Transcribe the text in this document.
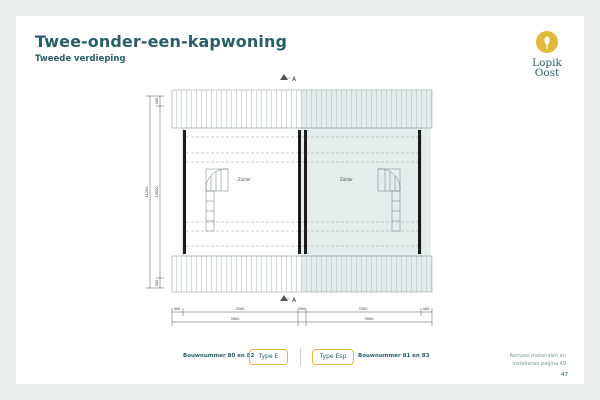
Twee-onder-een-kapwoning
Tweede verdieping	Lopik
Oost
A
Zolder	Zolder
A
400	3300	300	3300	400
3900	3900
300
10600
300
11200
Bouwnummer 80 en 82 Type E	Type Esp	Bouwnummer 81 en 83	Renvooi materialen en
installaties pagina 49
47
